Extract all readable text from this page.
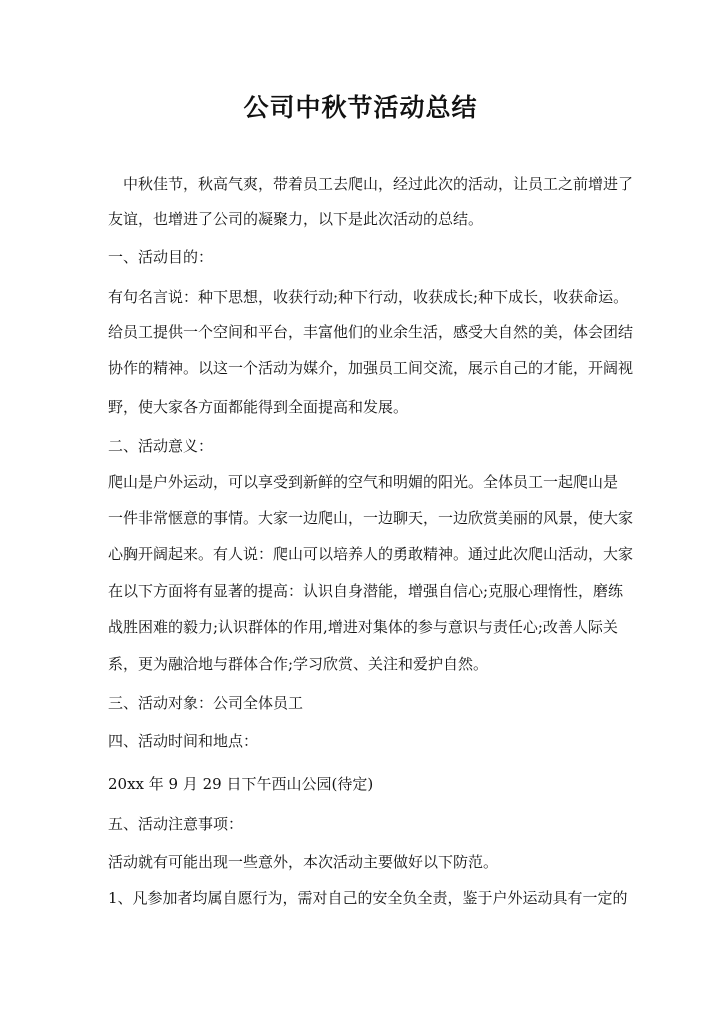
公司中秋节活动总结
　中秋佳节，秋高气爽，带着员工去爬山，经过此次的活动，让员工之前增进了
友谊，也增进了公司的凝聚力，以下是此次活动的总结。
一、活动目的：
有句名言说：种下思想，收获行动;种下行动，收获成长;种下成长，收获命运。
给员工提供一个空间和平台，丰富他们的业余生活，感受大自然的美，体会团结
协作的精神。以这一个活动为媒介，加强员工间交流，展示自己的才能，开阔视
野，使大家各方面都能得到全面提高和发展。
二、活动意义：
爬山是户外运动，可以享受到新鲜的空气和明媚的阳光。全体员工一起爬山是
一件非常惬意的事情。大家一边爬山，一边聊天，一边欣赏美丽的风景，使大家
心胸开阔起来。有人说：爬山可以培养人的勇敢精神。通过此次爬山活动，大家
在以下方面将有显著的提高：认识自身潜能，增强自信心;克服心理惰性，磨练
战胜困难的毅力;认识群体的作用,增进对集体的参与意识与责任心;改善人际关
系，更为融洽地与群体合作;学习欣赏、关注和爱护自然。
三、活动对象：公司全体员工
四、活动时间和地点：
20xx 年 9 月 29 日下午西山公园(待定)
五、活动注意事项：
活动就有可能出现一些意外，本次活动主要做好以下防范。
1、凡参加者均属自愿行为，需对自己的安全负全责，鉴于户外运动具有一定的
